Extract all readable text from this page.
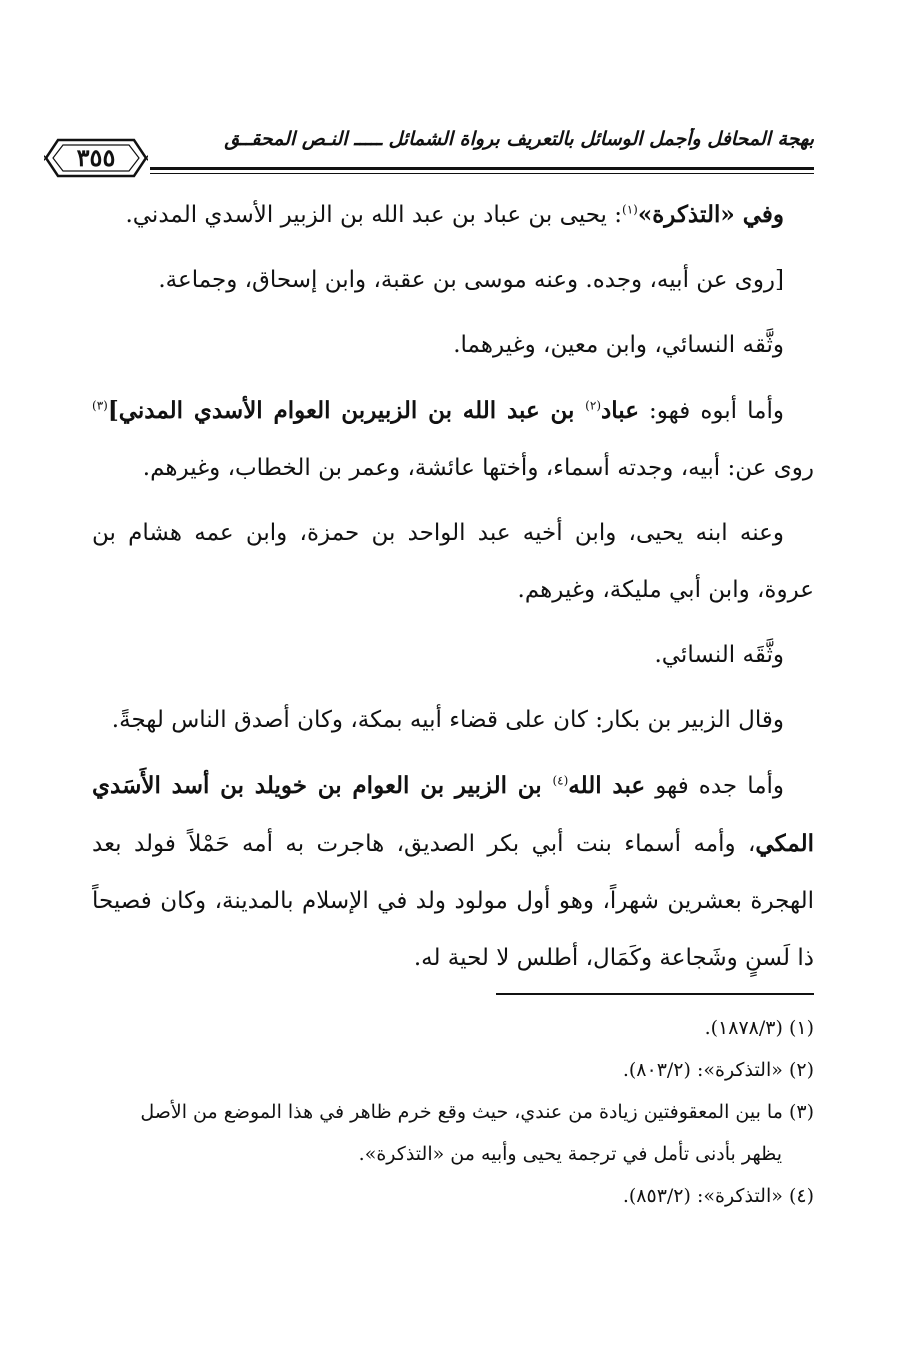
بهجة المحافل وأجمل الوسائل بالتعريف برواة الشمائل ـــــ النـص المحقــق
٣٥٥

وفي «التذكرة»$^{(١)}$: يحيى بن عباد بن عبد الله بن الزبير الأسدي المدني.

[روى عن أبيه، وجده. وعنه موسى بن عقبة، وابن إسحاق، وجماعة.

وثَّقه النسائي، وابن معين، وغيرهما.

وأما أبوه فهو: عباد$^{(٢)}$ بن عبد الله بن الزبيربن العوام الأسدي المدني]$^{(٣)}$ روى عن: أبيه، وجدته أسماء، وأختها عائشة، وعمر بن الخطاب، وغيرهم.

وعنه ابنه يحيى، وابن أخيه عبد الواحد بن حمزة، وابن عمه هشام بن عروة، وابن أبي مليكة، وغيرهم.

وثَّقَه النسائي.

وقال الزبير بن بكار: كان على قضاء أبيه بمكة، وكان أصدق الناس لهجةً.

وأما جده فهو عبد الله$^{(٤)}$ بن الزبير بن العوام بن خويلد بن أسد الأَسَدي المكي، وأمه أسماء بنت أبي بكر الصديق، هاجرت به أمه حَمْلاً فولد بعد الهجرة بعشرين شهراً، وهو أول مولود ولد في الإسلام بالمدينة، وكان فصيحاً ذا لَسنٍ وشَجاعة وكَمَال، أطلس لا لحية له.

(١) (١٨٧٨/٣).

(٢) «التذكرة»: (٨٠٣/٢).

(٣) ما بين المعقوفتين زيادة من عندي، حيث وقع خرم ظاهر في هذا الموضع من الأصل

يظهر بأدنى تأمل في ترجمة يحيى وأبيه من «التذكرة».

(٤) «التذكرة»: (٨٥٣/٢).
